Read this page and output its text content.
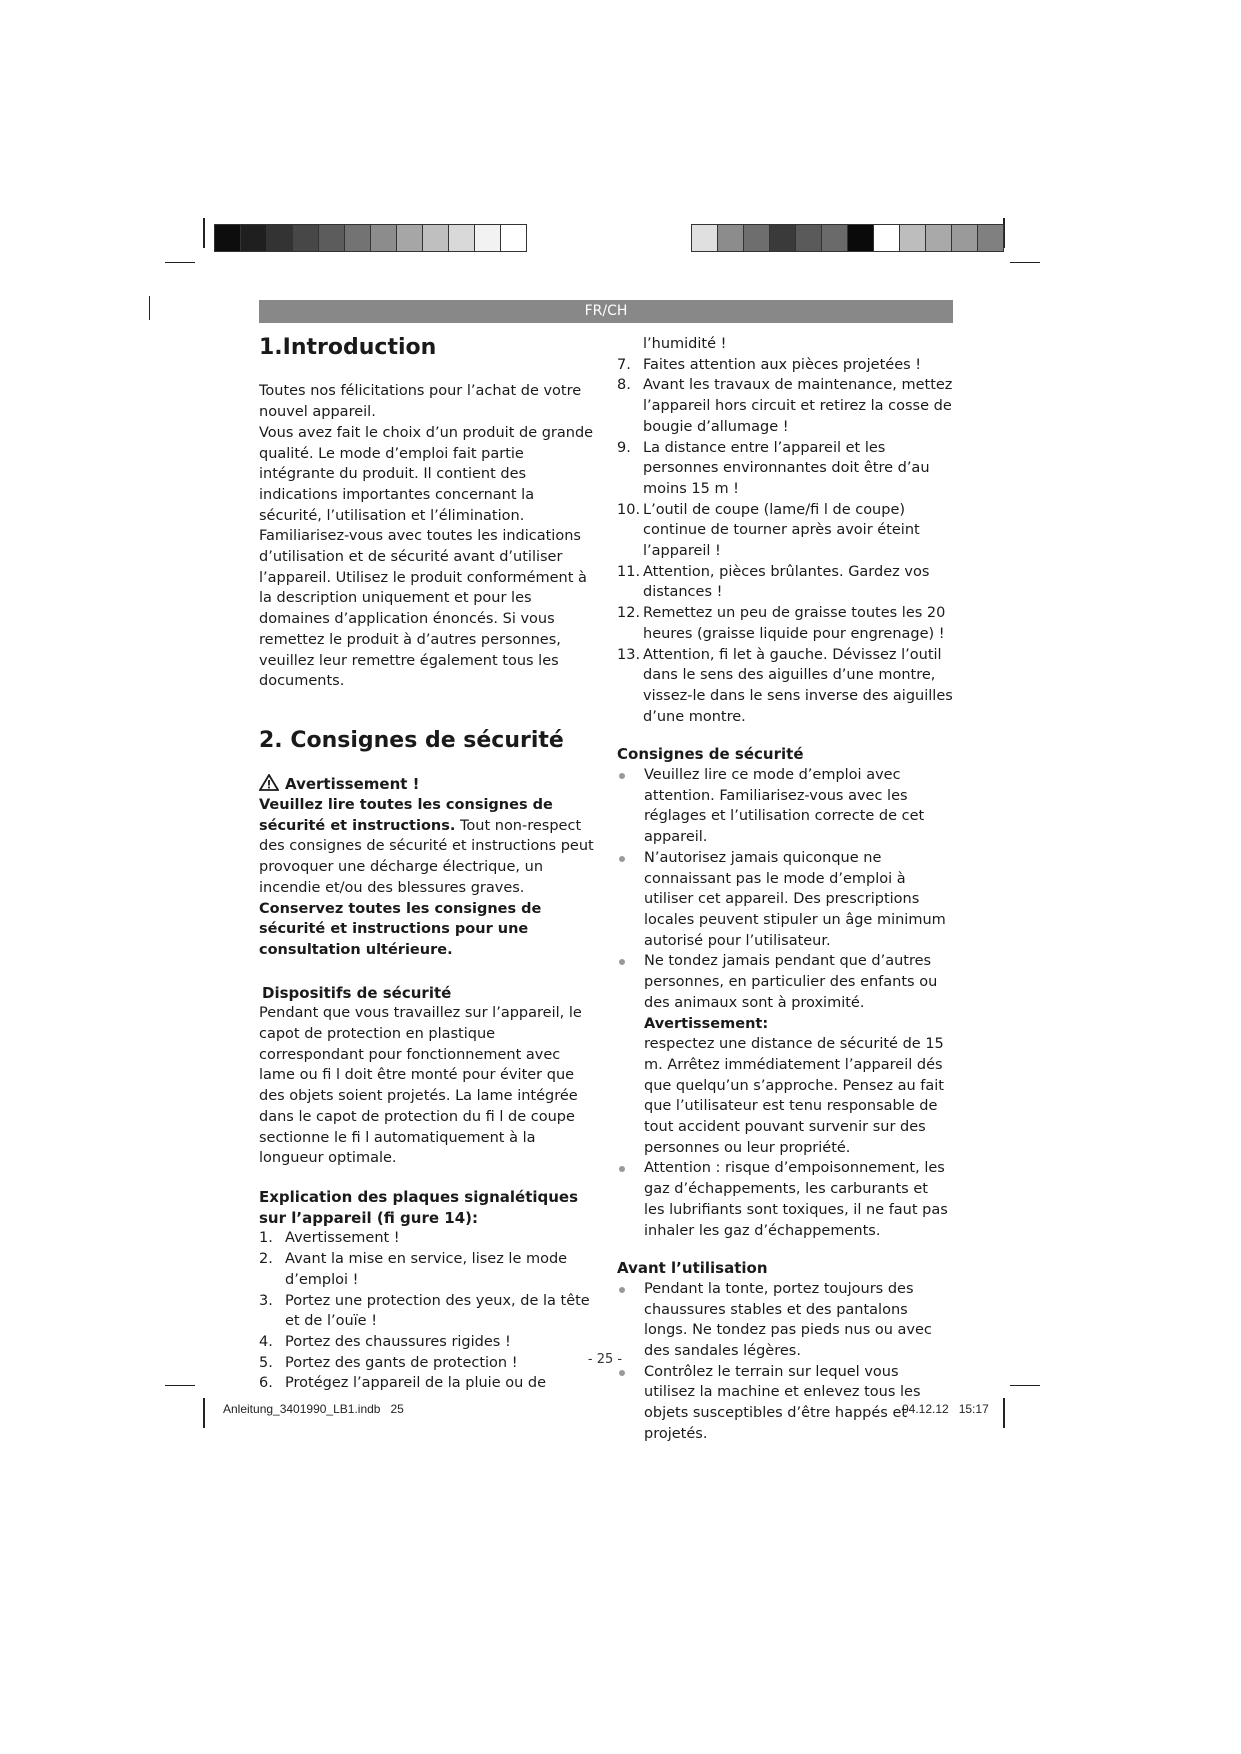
FR/CH
1.Introduction

Toutes nos félicitations pour l’achat de votre nouvel appareil.

Vous avez fait le choix d’un produit de grande qualité. Le mode d’emploi fait partie intégrante du produit. Il contient des indications importantes concernant la sécurité, l’utilisation et l’élimination. Familiarisez-vous avec toutes les indications d’utilisation et de sécurité avant d’utiliser l’appareil. Utilisez le produit conformément à la description uniquement et pour les domaines d’application énoncés. Si vous remettez le produit à d’autres personnes, veuillez leur remettre également tous les documents.

2. Consignes de sécurité
Avertissement !

Veuillez lire toutes les consignes de sécurité et instructions. Tout non-respect des consignes de sécurité et instructions peut provoquer une décharge électrique, un incendie et/ou des blessures graves.

Conservez toutes les consignes de sécurité et instructions pour une consultation ultérieure.

Dispositifs de sécurité

Pendant que vous travaillez sur l’appareil, le capot de protection en plastique correspondant pour fonctionnement avec lame ou fi l doit être monté pour éviter que des objets soient projetés. La lame intégrée dans le capot de protection du fi l de coupe sectionne le fi l automatiquement à la longueur optimale.

Explication des plaques signalétiques sur l’appareil (fi gure 14):
1. Avertissement !
2. Avant la mise en service, lisez le mode d’emploi !
3. Portez une protection des yeux, de la tête et de l’ouïe !
4. Portez des chaussures rigides !
5. Portez des gants de protection !
6. Protégez l’appareil de la pluie ou de

l’humidité !

7. Faites attention aux pièces projetées !
8. Avant les travaux de maintenance, mettez l’appareil hors circuit et retirez la cosse de bougie d’allumage !
9. La distance entre l’appareil et les personnes environnantes doit être d’au moins 15 m !
10. L’outil de coupe (lame/fi l de coupe) continue de tourner après avoir éteint l’appareil !
11. Attention, pièces brûlantes. Gardez vos distances !
12. Remettez un peu de graisse toutes les 20 heures (graisse liquide pour engrenage) !
13. Attention, fi let à gauche. Dévissez l’outil dans le sens des aiguilles d’une montre, vissez-le dans le sens inverse des aiguilles d’une montre.
Consignes de sécurité
Veuillez lire ce mode d’emploi avec attention. Familiarisez-vous avec les réglages et l’utilisation correcte de cet appareil.
N’autorisez jamais quiconque ne connaissant pas le mode d’emploi à utiliser cet appareil. Des prescriptions locales peuvent stipuler un âge minimum autorisé pour l’utilisateur.
Ne tondez jamais pendant que d’autres personnes, en particulier des enfants ou des animaux sont à proximité.

Avertissement:

respectez une distance de sécurité de 15 m. Arrêtez immédiatement l’appareil dés que quelqu’un s’approche. Pensez au fait que l’utilisateur est tenu responsable de tout accident pouvant survenir sur des personnes ou leur propriété.

Attention : risque d’empoisonnement, les gaz d’échappements, les carburants et les lubrifiants sont toxiques, il ne faut pas inhaler les gaz d’échappements.
Avant l’utilisation
Pendant la tonte, portez toujours des chaussures stables et des pantalons longs. Ne tondez pas pieds nus ou avec des sandales légères.
Contrôlez le terrain sur lequel vous utilisez la machine et enlevez tous les objets susceptibles d’être happés et projetés.
- 25 -
Anleitung_3401990_LB1.indb   25	04.12.12   15:17
